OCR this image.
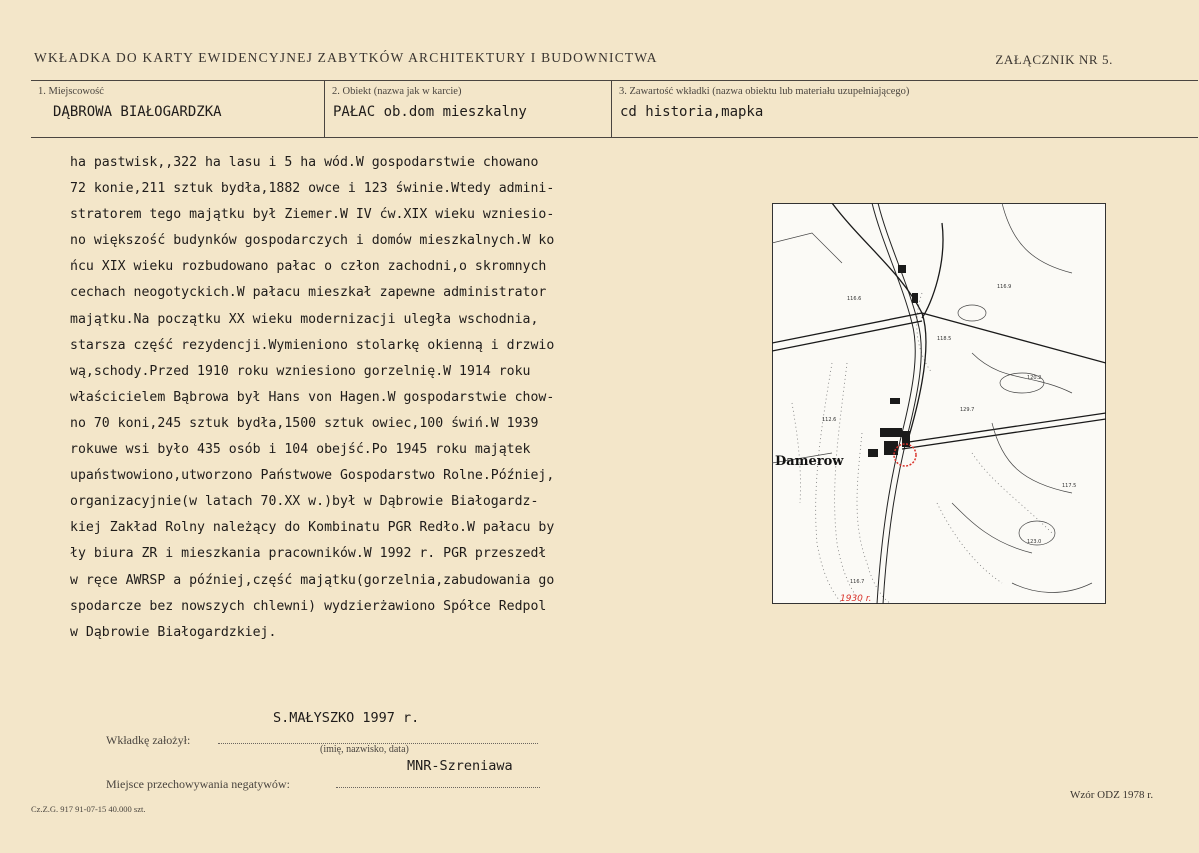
WKŁADKA DO KARTY EWIDENCYJNEJ ZABYTKÓW ARCHITEKTURY I BUDOWNICTWA	ZAŁĄCZNIK NR 5.
1. Miejscowość
DĄBROWA BIAŁOGARDZKA
2. Obiekt (nazwa jak w karcie)
PAŁAC ob.dom mieszkalny
3. Zawartość wkładki (nazwa obiektu lub materiału uzupełniającego)
cd historia,mapka
ha pastwisk,,322 ha lasu i 5 ha wód.W gospodarstwie chowano
72 konie,211 sztuk bydła,1882 owce i 123 świnie.Wtedy admini-
stratorem tego majątku był Ziemer.W IV ćw.XIX wieku wzniesio-
no większość budynków gospodarczych i domów mieszkalnych.W ko
ńcu XIX wieku rozbudowano pałac o człon zachodni,o skromnych
cechach neogotyckich.W pałacu mieszkał zapewne administrator
majątku.Na początku XX wieku modernizacji uległa wschodnia,
starsza część rezydencji.Wymieniono stolarkę okienną i drzwio
wą,schody.Przed 1910 roku wzniesiono gorzelnię.W 1914 roku
właścicielem Bąbrowa był Hans von Hagen.W gospodarstwie chow-
no 70 koni,245 sztuk bydła,1500 sztuk owiec,100 świń.W 1939
rokuwe wsi było 435 osób i 104 obejść.Po 1945 roku majątek
upaństwowiono,utworzono Państwowe Gospodarstwo Rolne.Później,
organizacyjnie(w latach 70.XX w.)był w Dąbrowie Białogardz-
kiej Zakład Rolny należący do Kombinatu PGR Redło.W pałacu by
ły biura ZR i mieszkania pracowników.W 1992 r. PGR przeszedł
w ręce AWRSP a później,część majątku(gorzelnia,zabudowania go
spodarcze bez nowszych chlewni) wydzierżawiono Spółce Redpol
w Dąbrowie Białogardzkiej.
116.6
116.9
112.6
117.5
123.0
129.7
120.2
118.5
116.7
Damerow
1930 r.
S.MAŁYSZKO 1997 r.
Wkładkę założył:
(imię, nazwisko, data)
MNR-Szreniawa
Miejsce przechowywania negatywów:
Cz.Z.G. 917 91-07-15 40.000 szt.
Wzór ODZ 1978 r.
